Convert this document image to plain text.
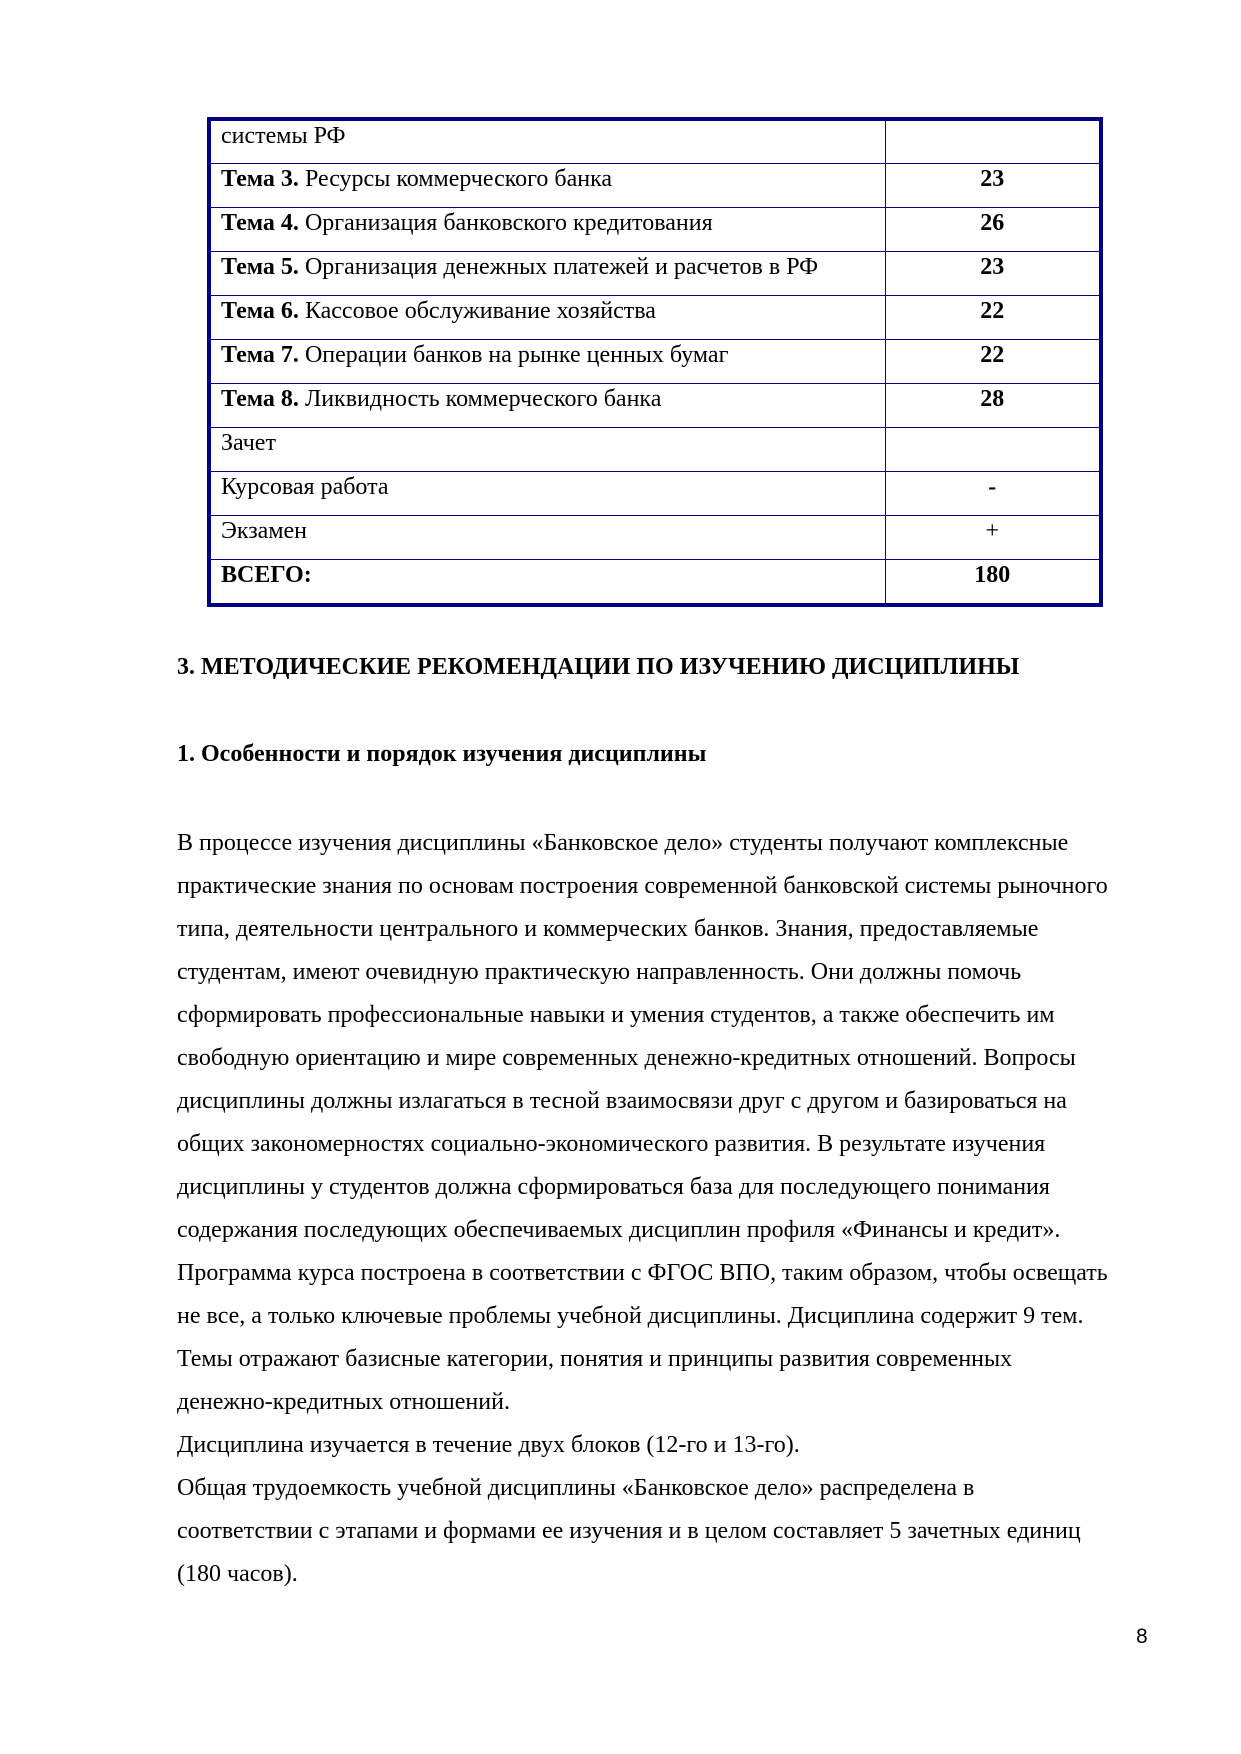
системы РФ	
Тема 3. Ресурсы коммерческого банка	23
Тема 4. Организация банковского кредитования	26
Тема 5. Организация денежных платежей и расчетов в РФ	23
Тема 6. Кассовое обслуживание хозяйства	22
Тема 7. Операции банков на рынке ценных бумаг	22
Тема 8. Ликвидность коммерческого банка	28
Зачет	
Курсовая работа	-
Экзамен	+
ВСЕГО:	180
3. МЕТОДИЧЕСКИЕ РЕКОМЕНДАЦИИ ПО ИЗУЧЕНИЮ ДИСЦИПЛИНЫ
1. Особенности и порядок изучения дисциплины
В процессе изучения дисциплины «Банковское дело» студенты получают комплексные
практические знания по основам построения современной банковской системы рыночного
типа, деятельности центрального и коммерческих банков. Знания, предоставляемые
студентам, имеют очевидную практическую направленность. Они должны помочь
сформировать профессиональные навыки и умения студентов, а также обеспечить им
свободную ориентацию и мире современных денежно-кредитных отношений. Вопросы
дисциплины должны излагаться в тесной взаимосвязи друг с другом и базироваться на
общих закономерностях социально-экономического развития. В результате изучения
дисциплины у студентов должна сформироваться база для последующего понимания
содержания последующих обеспечиваемых дисциплин профиля «Финансы и кредит».
Программа курса построена в соответствии с ФГОС ВПО, таким образом, чтобы освещать
не все, а только ключевые проблемы учебной дисциплины. Дисциплина содержит 9 тем.
Темы отражают базисные категории, понятия и принципы развития современных
денежно-кредитных отношений.
Дисциплина изучается в течение двух блоков (12-го и 13-го).
Общая трудоемкость учебной дисциплины «Банковское дело» распределена в
соответствии с этапами и формами ее изучения и в целом составляет 5 зачетных единиц
(180 часов).
8
